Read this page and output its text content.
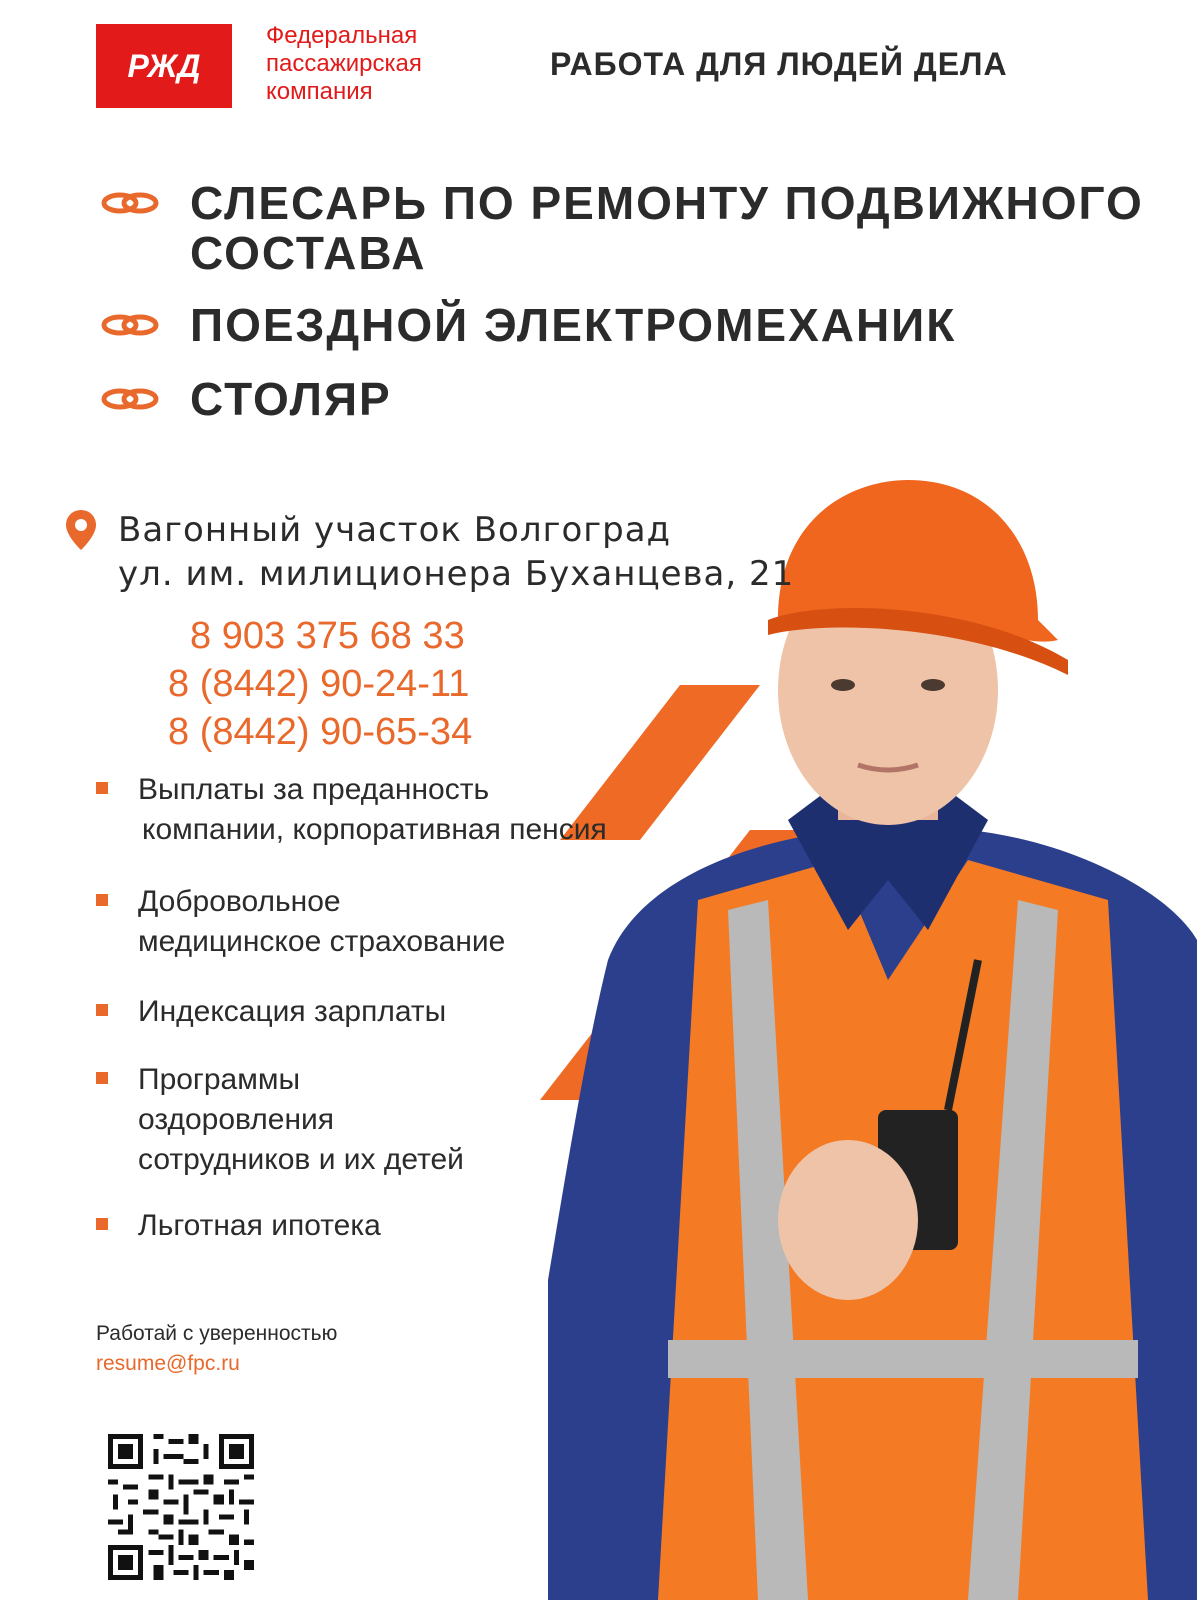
РЖД
Федеральная
пассажирская
компания
РАБОТА ДЛЯ ЛЮДЕЙ ДЕЛА
СЛЕСАРЬ ПО РЕМОНТУ ПОДВИЖНОГО
СОСТАВА
ПОЕЗДНОЙ ЭЛЕКТРОМЕХАНИК
СТОЛЯР
Вагонный участок Волгоград
ул. им. милиционера Буханцева, 21
8 903 375 68 33
8 (8442) 90-24-11
8 (8442) 90-65-34
Выплаты за преданность
компании, корпоративная пенсия
Добровольное
медицинское страхование
Индексация зарплаты
Программы
оздоровления
сотрудников и их детей
Льготная ипотека
Работай с уверенностью
resume@fpc.ru
